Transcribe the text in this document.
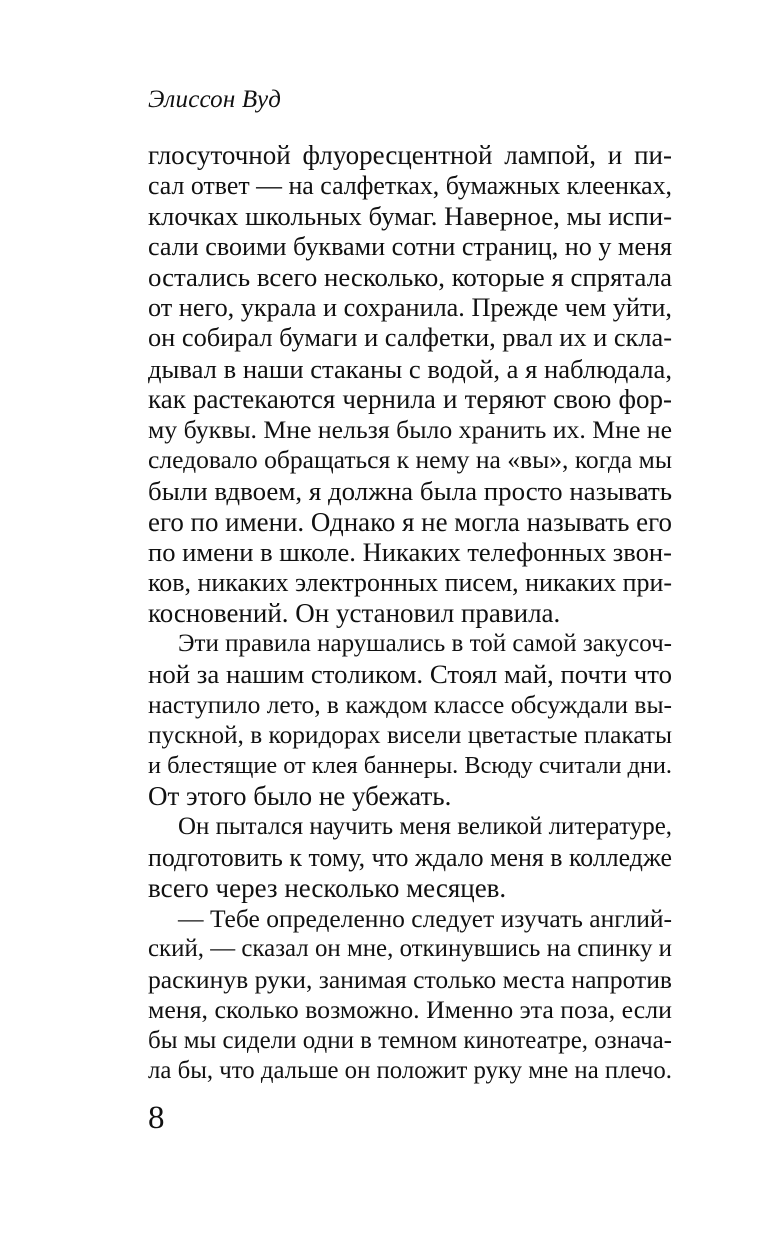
Элиссон Вуд
глосуточной флуоресцентной лампой, и пи-
сал ответ — на салфетках, бумажных клеенках,
клочках школьных бумаг. Наверное, мы испи-
сали своими буквами сотни страниц, но у меня
остались всего несколько, которые я спрятала
от него, украла и сохранила. Прежде чем уйти,
он собирал бумаги и салфетки, рвал их и скла-
дывал в наши стаканы с водой, а я наблюдала,
как растекаются чернила и теряют свою фор-
му буквы. Мне нельзя было хранить их. Мне не
следовало обращаться к нему на «вы», когда мы
были вдвоем, я должна была просто называть
его по имени. Однако я не могла называть его
по имени в школе. Никаких телефонных звон-
ков, никаких электронных писем, никаких при-
косновений. Он установил правила.
Эти правила нарушались в той самой закусоч-
ной за нашим столиком. Стоял май, почти что
наступило лето, в каждом классе обсуждали вы-
пускной, в коридорах висели цветастые плакаты
и блестящие от клея баннеры. Всюду считали дни.
От этого было не убежать.
Он пытался научить меня великой литературе,
подготовить к тому, что ждало меня в колледже
всего через несколько месяцев.
— Тебе определенно следует изучать англий-
ский, — сказал он мне, откинувшись на спинку и
раскинув руки, занимая столько места напротив
меня, сколько возможно. Именно эта поза, если
бы мы сидели одни в темном кинотеатре, означа-
ла бы, что дальше он положит руку мне на плечо.
8
